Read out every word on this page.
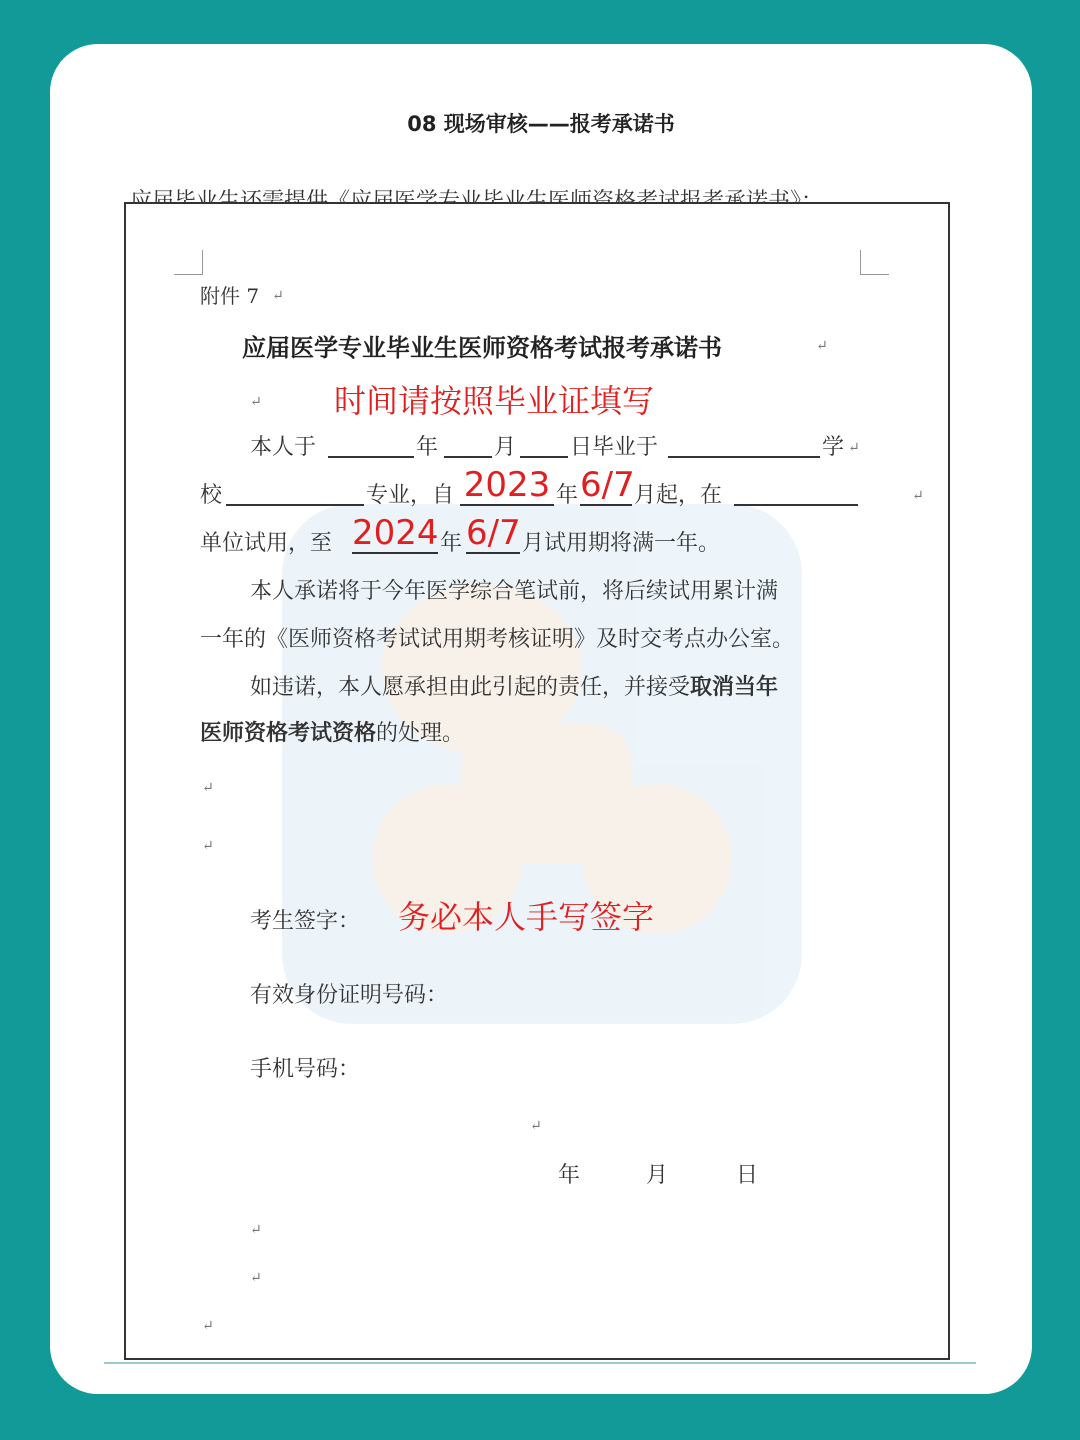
08 现场审核——报考承诺书
附件 7 ↵
应届医学专业毕业生医师资格考试报考承诺书	↵
↵ 时间请按照毕业证填写
本人于	年	月 日毕业于	学 ↵
校	专业，自 2023 年 6/7 月起，在	↵
单位试用，至 2024 年 6/7 月试用期将满一年。
本人承诺将于今年医学综合笔试前，将后续试用累计满
一年的《医师资格考试试用期考核证明》及时交考点办公室。
如违诺，本人愿承担由此引起的责任，并接受取消当年
医师资格考试资格的处理。
↵
↵
考生签字： 务必本人手写签字
有效身份证明号码：
手机号码：
↵
年	月	日
↵
↵
↵
